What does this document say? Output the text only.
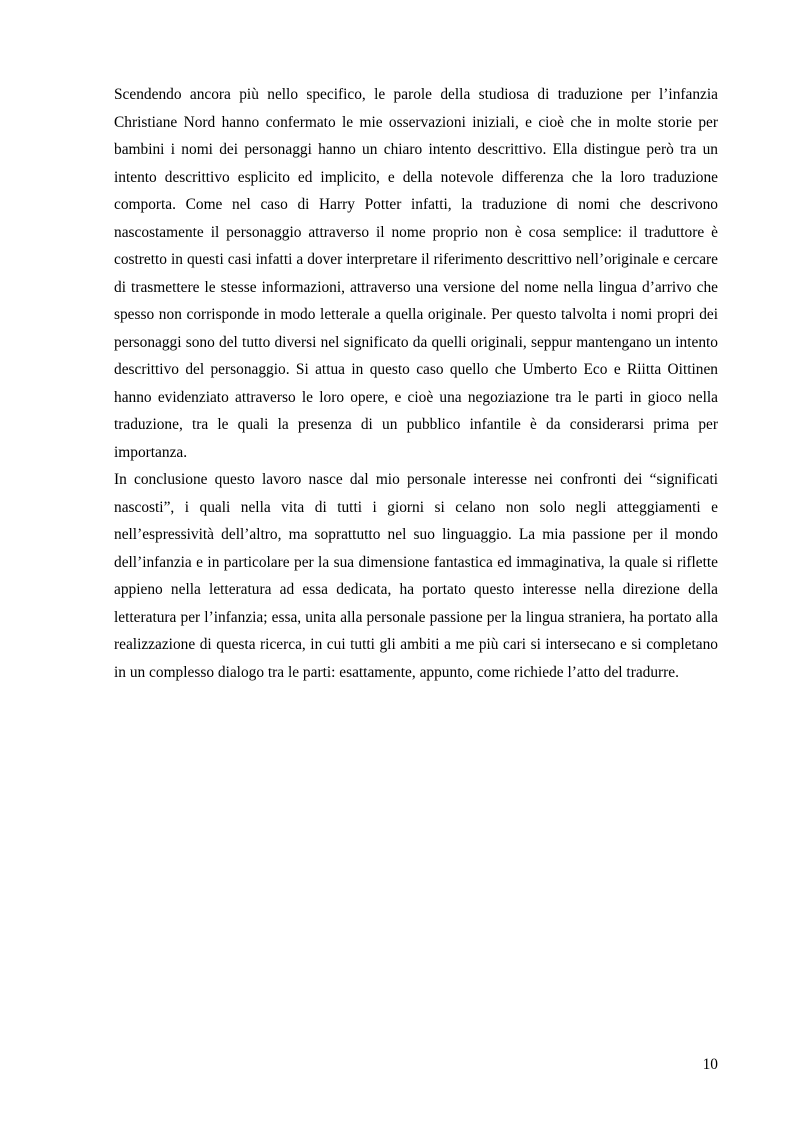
Scendendo ancora più nello specifico, le parole della studiosa di traduzione per l’infanzia Christiane Nord hanno confermato le mie osservazioni iniziali, e cioè che in molte storie per bambini i nomi dei personaggi hanno un chiaro intento descrittivo. Ella distingue però tra un intento descrittivo esplicito ed implicito, e della notevole differenza che la loro traduzione comporta. Come nel caso di Harry Potter infatti, la traduzione di nomi che descrivono nascostamente il personaggio attraverso il nome proprio non è cosa semplice: il traduttore è costretto in questi casi infatti a dover interpretare il riferimento descrittivo nell’originale e cercare di trasmettere le stesse informazioni, attraverso una versione del nome nella lingua d’arrivo che spesso non corrisponde in modo letterale a quella originale. Per questo talvolta i nomi propri dei personaggi sono del tutto diversi nel significato da quelli originali, seppur mantengano un intento descrittivo del personaggio. Si attua in questo caso quello che Umberto Eco e Riitta Oittinen hanno evidenziato attraverso le loro opere, e cioè una negoziazione tra le parti in gioco nella traduzione, tra le quali la presenza di un pubblico infantile è da considerarsi prima per importanza.

In conclusione questo lavoro nasce dal mio personale interesse nei confronti dei “significati nascosti”, i quali nella vita di tutti i giorni si celano non solo negli atteggiamenti e nell’espressività dell’altro, ma soprattutto nel suo linguaggio. La mia passione per il mondo dell’infanzia e in particolare per la sua dimensione fantastica ed immaginativa, la quale si riflette appieno nella letteratura ad essa dedicata, ha portato questo interesse nella direzione della letteratura per l’infanzia; essa, unita alla personale passione per la lingua straniera, ha portato alla realizzazione di questa ricerca, in cui tutti gli ambiti a me più cari si intersecano e si completano in un complesso dialogo tra le parti: esattamente, appunto, come richiede l’atto del tradurre.

10
